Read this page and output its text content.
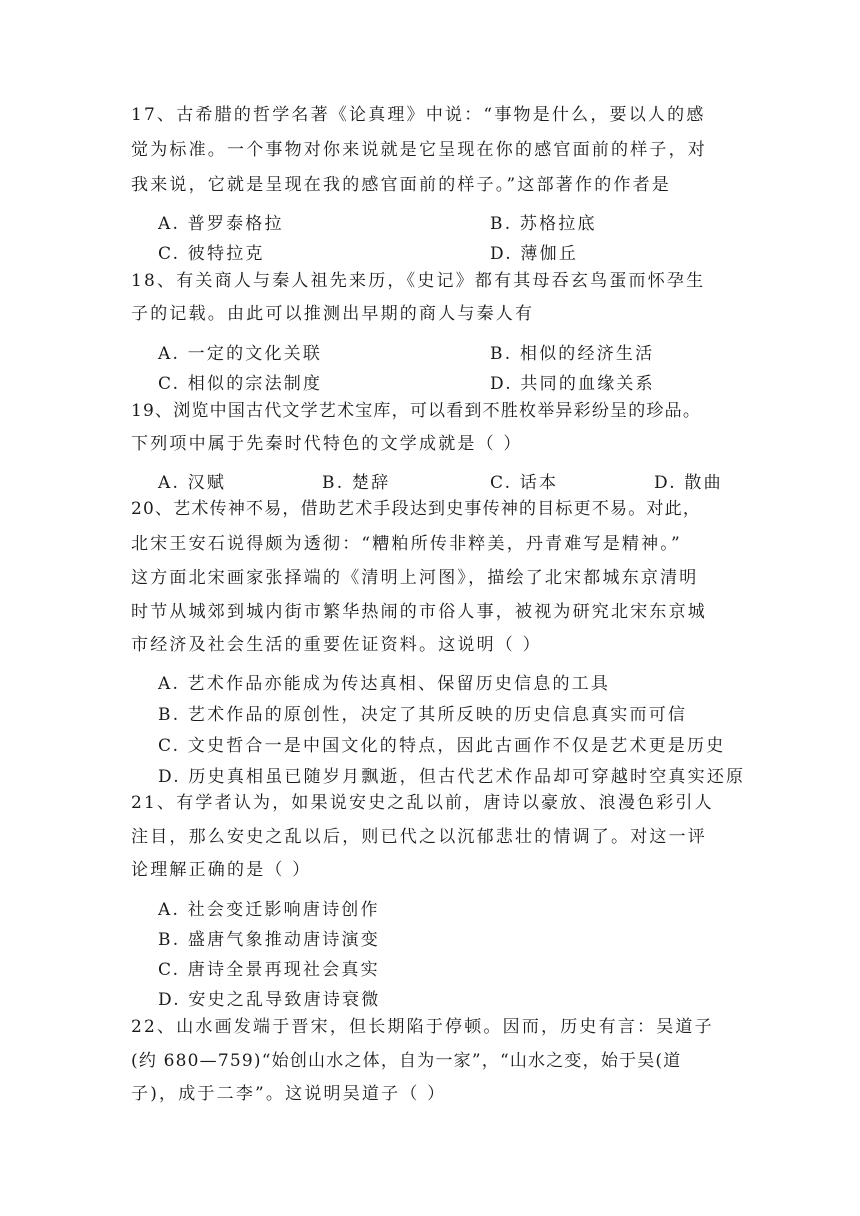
17、古希腊的哲学名著《论真理》中说：“事物是什么，要以人的感
觉为标准。一个事物对你来说就是它呈现在你的感官面前的样子，对
我来说，它就是呈现在我的感官面前的样子。”这部著作的作者是
A. 普罗泰格拉	B. 苏格拉底
C. 彼特拉克	D. 薄伽丘
18、有关商人与秦人祖先来历，《史记》都有其母吞玄鸟蛋而怀孕生
子的记载。由此可以推测出早期的商人与秦人有
A. 一定的文化关联	B. 相似的经济生活
C. 相似的宗法制度	D. 共同的血缘关系
19、浏览中国古代文学艺术宝库，可以看到不胜枚举异彩纷呈的珍品。
下列项中属于先秦时代特色的文学成就是（ ）
A. 汉赋	B. 楚辞	C. 话本	D. 散曲
20、艺术传神不易，借助艺术手段达到史事传神的目标更不易。对此，
北宋王安石说得颇为透彻：“糟粕所传非粹美，丹青难写是精神。”
这方面北宋画家张择端的《清明上河图》，描绘了北宋都城东京清明
时节从城郊到城内街市繁华热闹的市俗人事，被视为研究北宋东京城
市经济及社会生活的重要佐证资料。这说明（ ）
A. 艺术作品亦能成为传达真相、保留历史信息的工具
B. 艺术作品的原创性，决定了其所反映的历史信息真实而可信
C. 文史哲合一是中国文化的特点，因此古画作不仅是艺术更是历史
D. 历史真相虽已随岁月飘逝，但古代艺术作品却可穿越时空真实还原
21、有学者认为，如果说安史之乱以前，唐诗以豪放、浪漫色彩引人
注目，那么安史之乱以后，则已代之以沉郁悲壮的情调了。对这一评
论理解正确的是（ ）
A. 社会变迁影响唐诗创作
B. 盛唐气象推动唐诗演变
C. 唐诗全景再现社会真实
D. 安史之乱导致唐诗衰微
22、山水画发端于晋宋，但长期陷于停顿。因而，历史有言：吴道子
(约 680—759)“始创山水之体，自为一家”，“山水之变，始于吴(道
子)，成于二李”。这说明吴道子（ ）
